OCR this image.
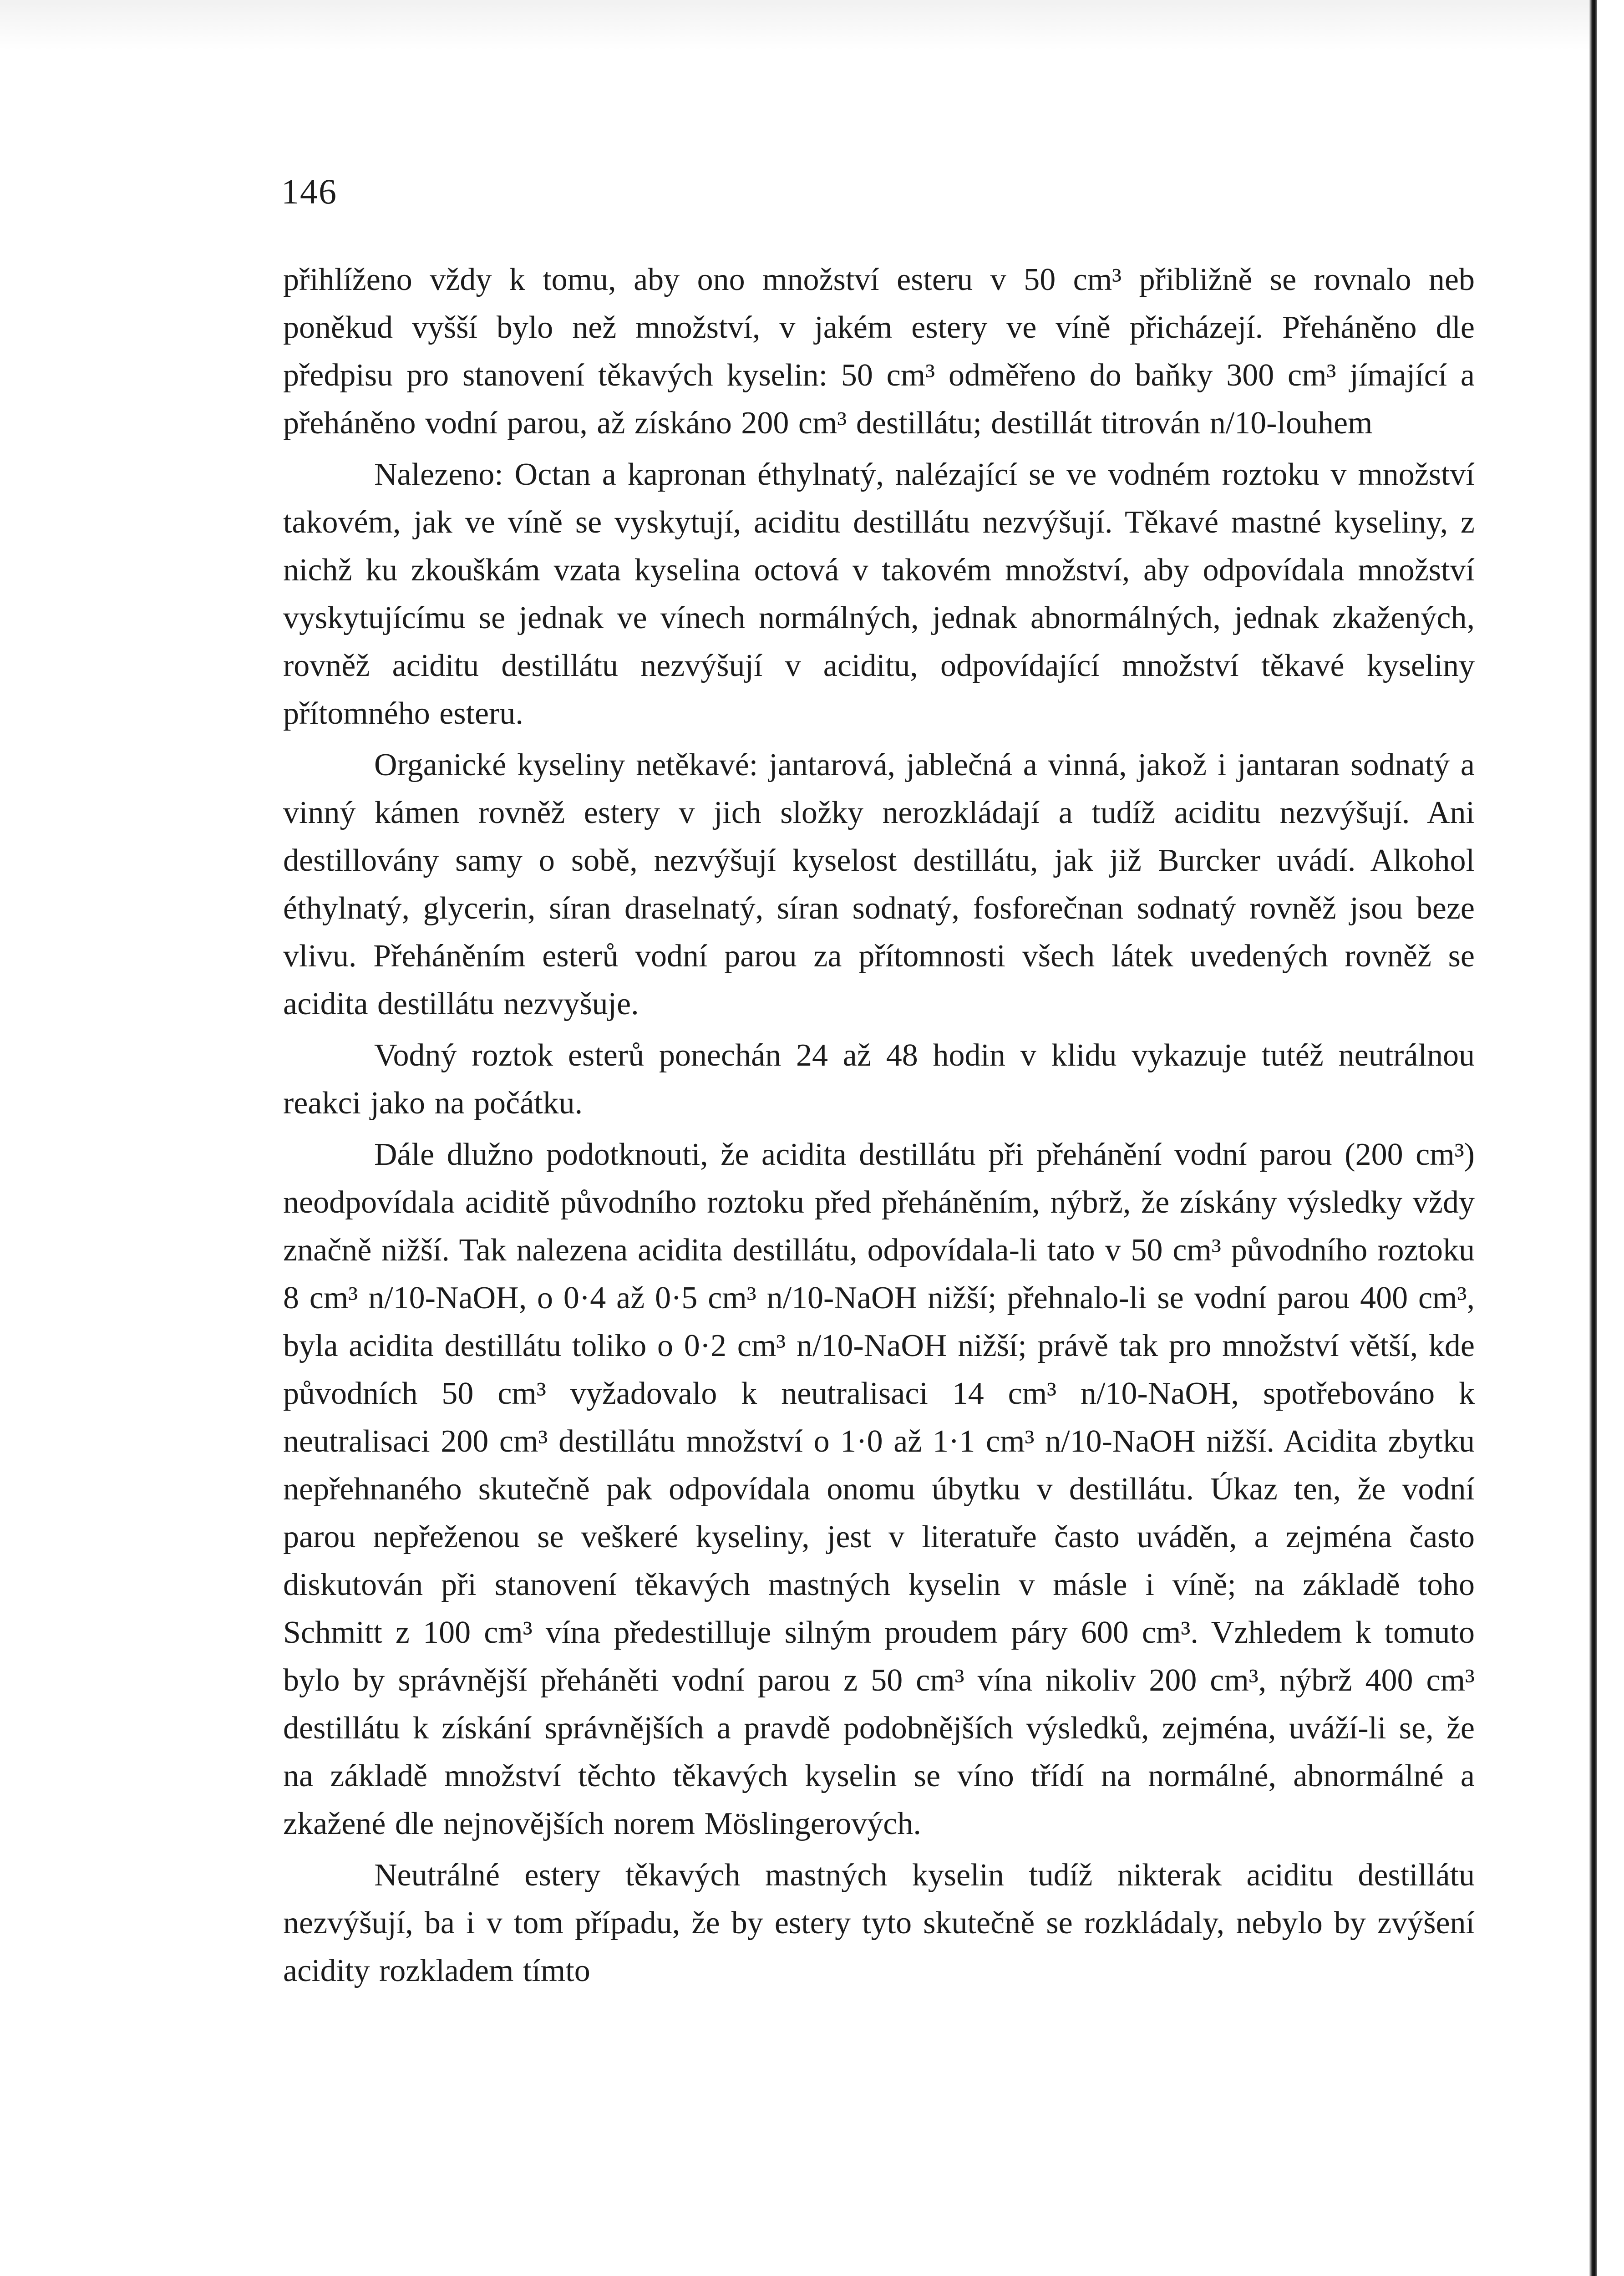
146

přihlíženo vždy k tomu, aby ono množství esteru v 50 cm³ přibližně se rovnalo neb poněkud vyšší bylo než množství, v jakém estery ve víně přicházejí. Přeháněno dle předpisu pro stanovení těkavých kyselin: 50 cm³ odměřeno do baňky 300 cm³ jímající a přeháněno vodní parou, až získáno 200 cm³ destillátu; destillát titrován n/10-louhem

Nalezeno: Octan a kapronan éthylnatý, nalézající se ve vodném roztoku v množství takovém, jak ve víně se vyskytují, aciditu destillátu nezvýšují. Těkavé mastné kyseliny, z nichž ku zkouškám vzata kyselina octová v takovém množství, aby odpovídala množství vyskytujícímu se jednak ve vínech normálných, jednak abnormálných, jednak zkažených, rovněž aciditu destillátu nezvýšují v aciditu, odpovídající množství těkavé kyseliny přítomného esteru.

Organické kyseliny netěkavé: jantarová, jablečná a vinná, jakož i jantaran sodnatý a vinný kámen rovněž estery v jich složky nerozkládají a tudíž aciditu nezvýšují. Ani destillovány samy o sobě, nezvýšují kyselost destillátu, jak již Burcker uvádí. Alkohol éthylnatý, glycerin, síran draselnatý, síran sodnatý, fosforečnan sodnatý rovněž jsou beze vlivu. Přeháněním esterů vodní parou za přítomnosti všech látek uvedených rovněž se acidita destillátu nezvyšuje.

Vodný roztok esterů ponechán 24 až 48 hodin v klidu vykazuje tutéž neutrálnou reakci jako na počátku.

Dále dlužno podotknouti, že acidita destillátu při přehánění vodní parou (200 cm³) neodpovídala aciditě původního roztoku před přeháněním, nýbrž, že získány výsledky vždy značně nižší. Tak nalezena acidita destillátu, odpovídala-li tato v 50 cm³ původního roztoku 8 cm³ n/10-NaOH, o 0·4 až 0·5 cm³ n/10-NaOH nižší; přehnalo-li se vodní parou 400 cm³, byla acidita destillátu toliko o 0·2 cm³ n/10-NaOH nižší; právě tak pro množství větší, kde původních 50 cm³ vyžadovalo k neutralisaci 14 cm³ n/10-NaOH, spotřebováno k neutralisaci 200 cm³ destillátu množství o 1·0 až 1·1 cm³ n/10-NaOH nižší. Acidita zbytku nepřehnaného skutečně pak odpovídala onomu úbytku v destillátu. Úkaz ten, že vodní parou nepřeženou se veškeré kyseliny, jest v literatuře často uváděn, a zejména často diskutován při stanovení těkavých mastných kyselin v másle i víně; na základě toho Schmitt z 100 cm³ vína předestilluje silným proudem páry 600 cm³. Vzhledem k tomuto bylo by správnější přeháněti vodní parou z 50 cm³ vína nikoliv 200 cm³, nýbrž 400 cm³ destillátu k získání správnějších a pravdě podobnějších výsledků, zejména, uváží-li se, že na základě množství těchto těkavých kyselin se víno třídí na normálné, abnormálné a zkažené dle nejnovějších norem Möslingerových.

Neutrálné estery těkavých mastných kyselin tudíž nikterak aciditu destillátu nezvýšují, ba i v tom případu, že by estery tyto skutečně se rozkládaly, nebylo by zvýšení acidity rozkladem tímto
